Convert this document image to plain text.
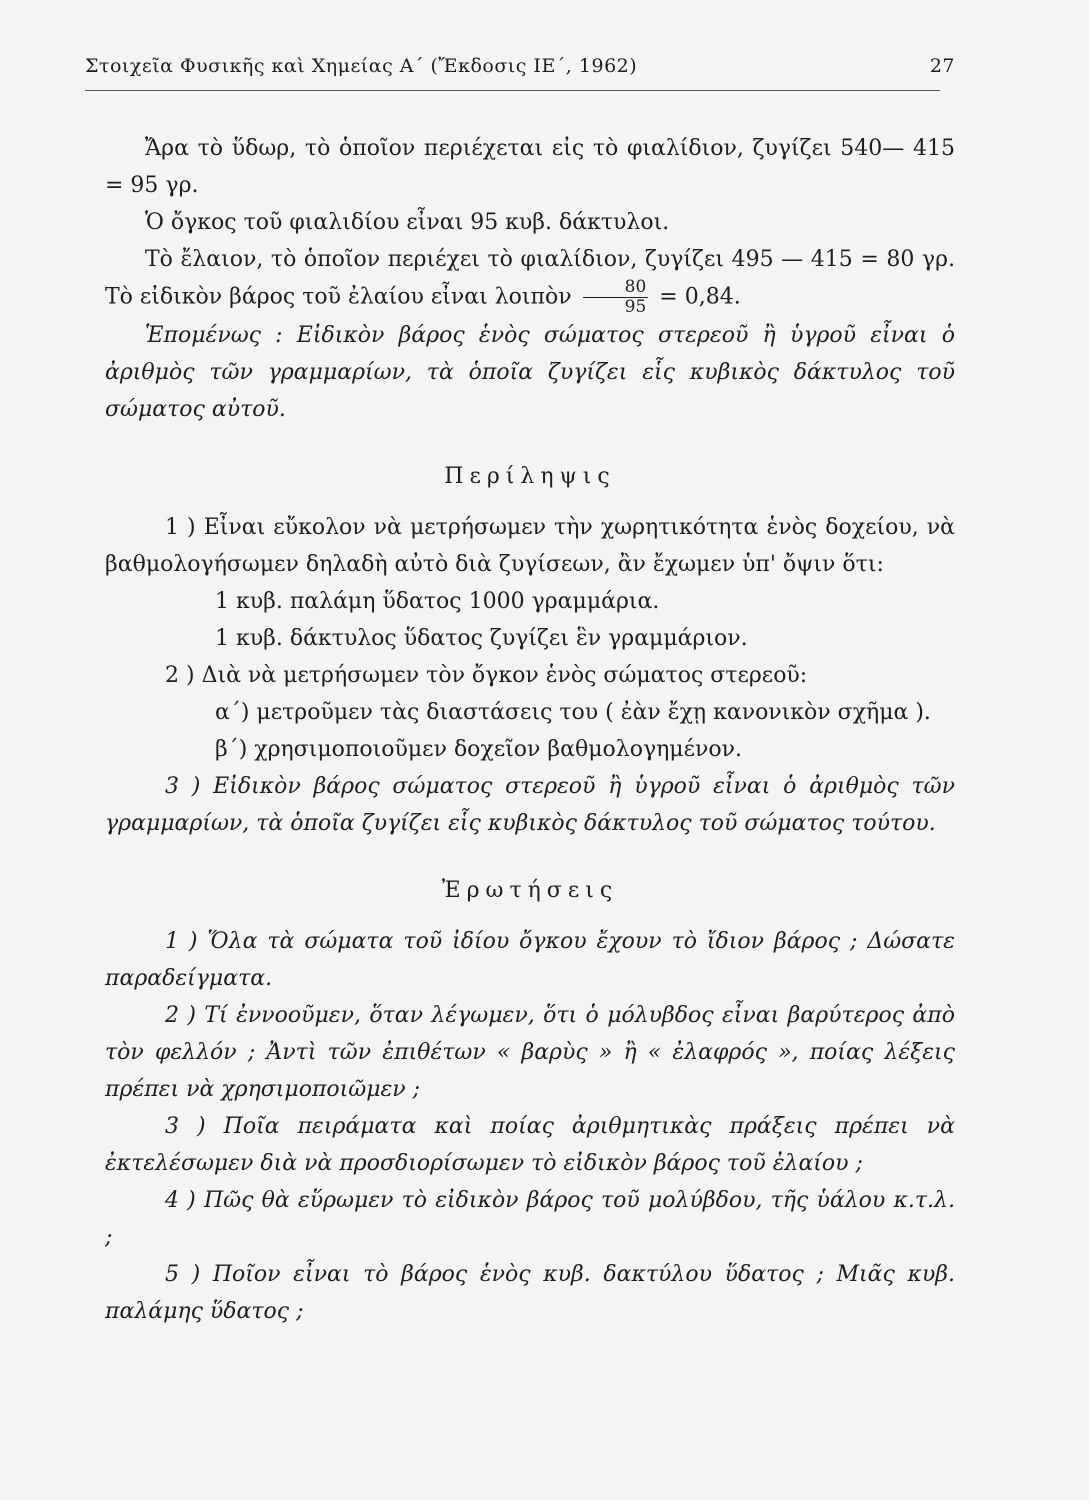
Στοιχεῖα Φυσικῆς καὶ Χημείας Α΄ (Ἔκδοσις ΙΕ΄, 1962)	27

Ἄρα τὸ ὕδωρ, τὸ ὁποῖον περιέχεται εἰς τὸ φιαλίδιον, ζυγίζει 540— 415 = 95 γρ.

Ὁ ὄγκος τοῦ φιαλιδίου εἶναι 95 κυβ. δάκτυλοι.

Τὸ ἔλαιον, τὸ ὁποῖον περιέχει τὸ φιαλίδιον, ζυγίζει 495 — 415 = 80 γρ. Τὸ εἰδικὸν βάρος τοῦ ἐλαίου εἶναι λοιπὸν $\frac{80}{95} = 0,84$.

Ἑπομένως : Εἰδικὸν βάρος ἑνὸς σώματος στερεοῦ ἢ ὑγροῦ εἶναι ὁ ἀριθμὸς τῶν γραμμαρίων, τὰ ὁποῖα ζυγίζει εἷς κυβικὸς δάκτυλος τοῦ σώματος αὐτοῦ.

Περίληψις

1 ) Εἶναι εὔκολον νὰ μετρήσωμεν τὴν χωρητικότητα ἑνὸς δοχείου, νὰ βαθμολογήσωμεν δηλαδὴ αὐτὸ διὰ ζυγίσεων, ἂν ἔχωμεν ὑπ' ὄψιν ὅτι:

1 κυβ. παλάμη ὕδατος 1000 γραμμάρια.

1 κυβ. δάκτυλος ὕδατος ζυγίζει ἓν γραμμάριον.

2 ) Διὰ νὰ μετρήσωμεν τὸν ὄγκον ἑνὸς σώματος στερεοῦ:

α΄) μετροῦμεν τὰς διαστάσεις του ( ἐὰν ἔχῃ κανονικὸν σχῆμα ).

β΄) χρησιμοποιοῦμεν δοχεῖον βαθμολογημένον.

3 ) Εἰδικὸν βάρος σώματος στερεοῦ ἢ ὑγροῦ εἶναι ὁ ἀριθμὸς τῶν γραμμαρίων, τὰ ὁποῖα ζυγίζει εἷς κυβικὸς δάκτυλος τοῦ σώματος τούτου.

Ἐρωτήσεις

1 ) Ὅλα τὰ σώματα τοῦ ἰδίου ὄγκου ἔχουν τὸ ἴδιον βάρος ; Δώσατε παραδείγματα.

2 ) Τί ἐννοοῦμεν, ὅταν λέγωμεν, ὅτι ὁ μόλυβδος εἶναι βαρύτερος ἀπὸ τὸν φελλόν ; Ἀντὶ τῶν ἐπιθέτων « βαρὺς » ἢ « ἐλαφρός », ποίας λέξεις πρέπει νὰ χρησιμοποιῶμεν ;

3 ) Ποῖα πειράματα καὶ ποίας ἀριθμητικὰς πράξεις πρέπει νὰ ἐκτελέσωμεν διὰ νὰ προσδιορίσωμεν τὸ εἰδικὸν βάρος τοῦ ἐλαίου ;

4 ) Πῶς θὰ εὕρωμεν τὸ εἰδικὸν βάρος τοῦ μολύβδου, τῆς ὑάλου κ.τ.λ. ;

5 ) Ποῖον εἶναι τὸ βάρος ἑνὸς κυβ. δακτύλου ὕδατος ; Μιᾶς κυβ. παλάμης ὕδατος ;
